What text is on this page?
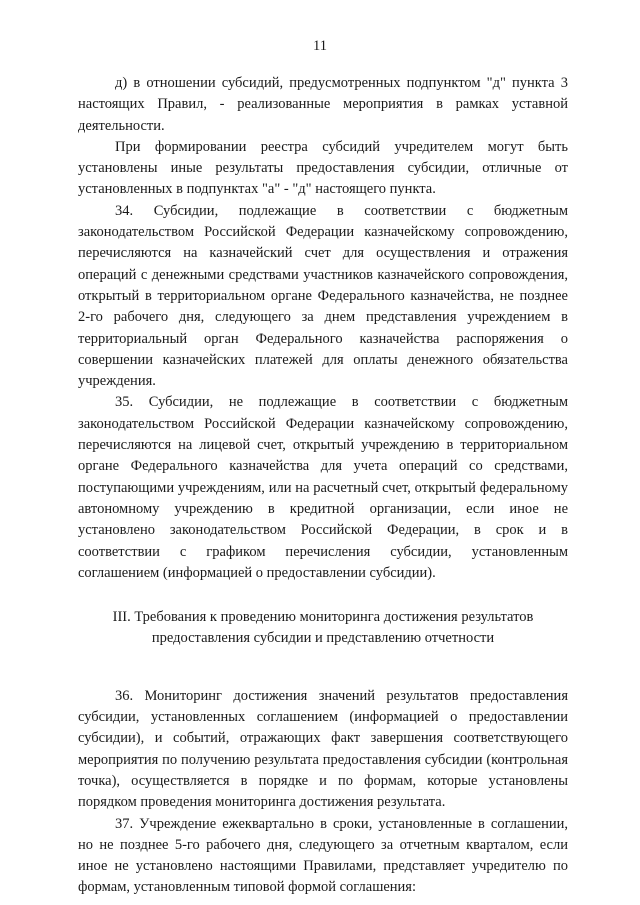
11

д) в отношении субсидий, предусмотренных подпунктом "д" пункта 3 настоящих Правил, - реализованные мероприятия в рамках уставной деятельности.

При формировании реестра субсидий учредителем могут быть установлены иные результаты предоставления субсидии, отличные от установленных в подпунктах "а" - "д" настоящего пункта.

34. Субсидии, подлежащие в соответствии с бюджетным законодательством Российской Федерации казначейскому сопровождению, перечисляются на казначейский счет для осуществления и отражения операций с денежными средствами участников казначейского сопровождения, открытый в территориальном органе Федерального казначейства, не позднее 2-го рабочего дня, следующего за днем представления учреждением в территориальный орган Федерального казначейства распоряжения о совершении казначейских платежей для оплаты денежного обязательства учреждения.

35. Субсидии, не подлежащие в соответствии с бюджетным законодательством Российской Федерации казначейскому сопровождению, перечисляются на лицевой счет, открытый учреждению в территориальном органе Федерального казначейства для учета операций со средствами, поступающими учреждениям, или на расчетный счет, открытый федеральному автономному учреждению в кредитной организации, если иное не установлено законодательством Российской Федерации, в срок и в соответствии с графиком перечисления субсидии, установленным соглашением (информацией о предоставлении субсидии).

III. Требования к проведению мониторинга достижения результатов
предоставления субсидии и представлению отчетности

36. Мониторинг достижения значений результатов предоставления субсидии, установленных соглашением (информацией о предоставлении субсидии), и событий, отражающих факт завершения соответствующего мероприятия по получению результата предоставления субсидии (контрольная точка), осуществляется в порядке и по формам, которые установлены порядком проведения мониторинга достижения результата.

37. Учреждение ежеквартально в сроки, установленные в соглашении, но не позднее 5-го рабочего дня, следующего за отчетным кварталом, если иное не установлено настоящими Правилами, представляет учредителю по формам, установленным типовой формой соглашения:
